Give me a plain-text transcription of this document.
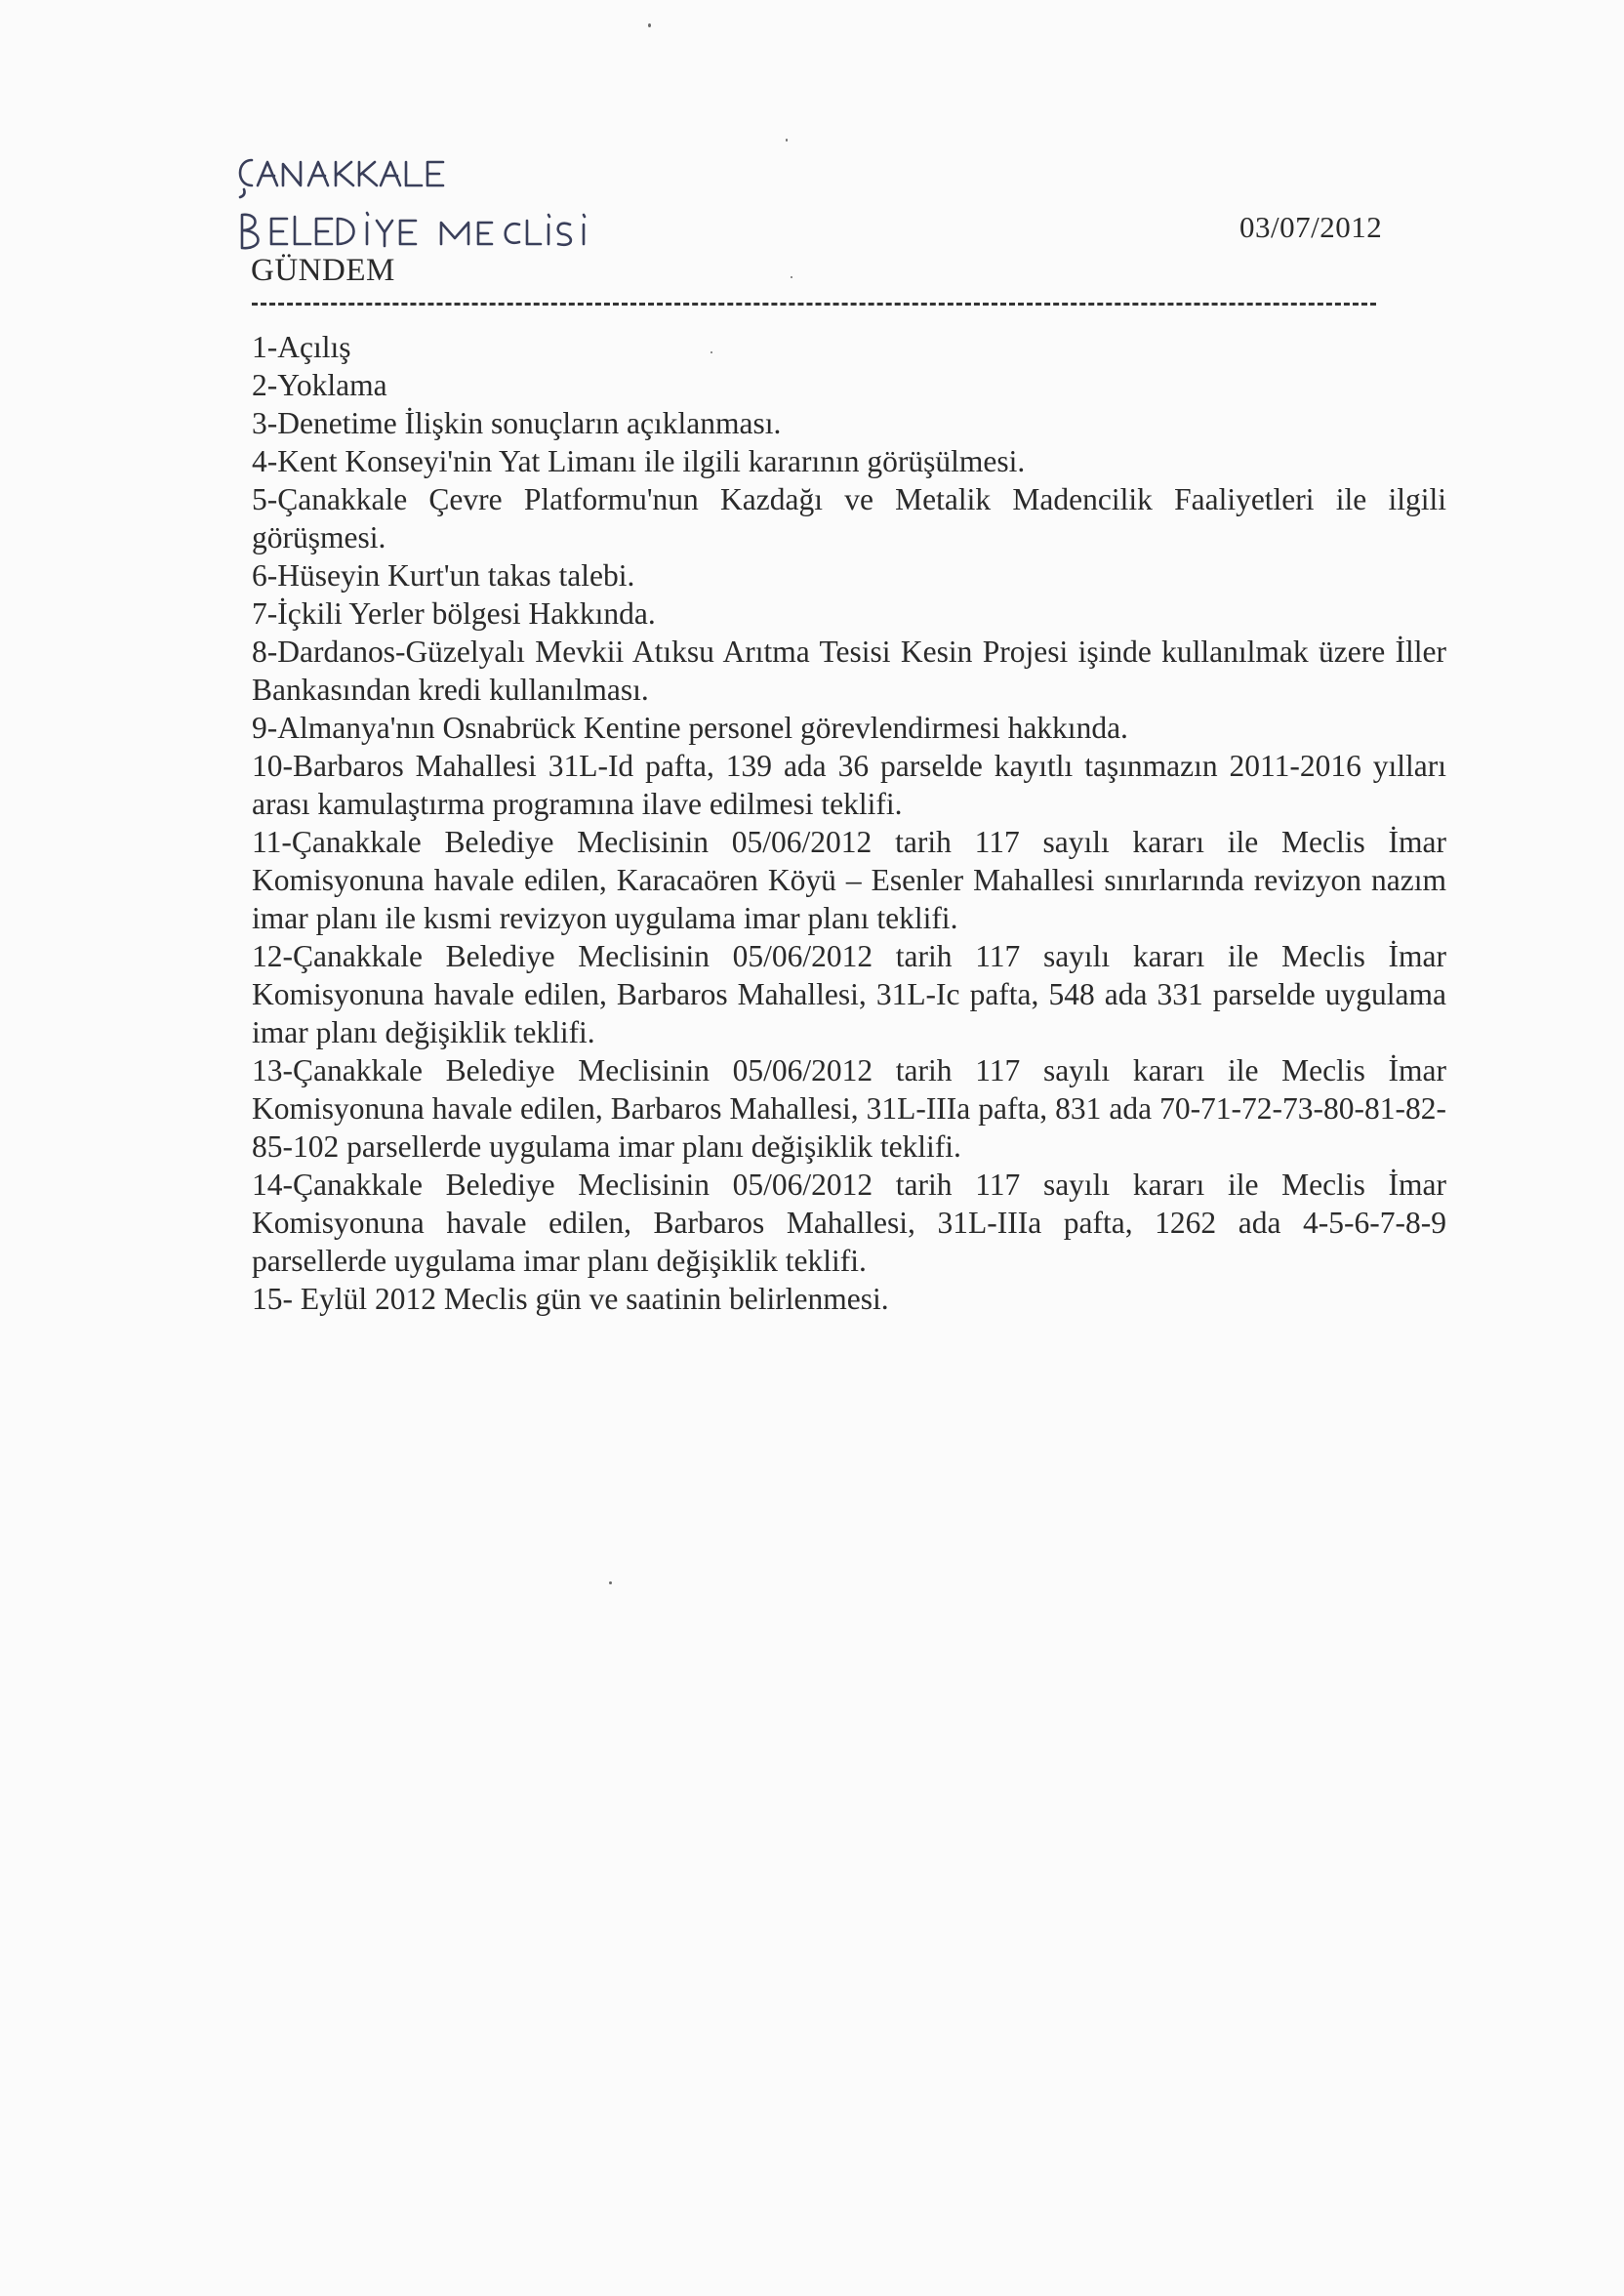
03/07/2012
GÜNDEM
1-Açılış
2-Yoklama
3-Denetime İlişkin sonuçların açıklanması.
4-Kent Konseyi'nin Yat Limanı ile ilgili kararının görüşülmesi.
5-Çanakkale Çevre Platformu'nun Kazdağı ve Metalik Madencilik Faaliyetleri ile ilgili görüşmesi.
6-Hüseyin Kurt'un takas talebi.
7-İçkili Yerler bölgesi Hakkında.
8-Dardanos-Güzelyalı Mevkii Atıksu Arıtma Tesisi Kesin Projesi işinde kullanılmak üzere İller Bankasından kredi kullanılması.
9-Almanya'nın Osnabrück Kentine personel görevlendirmesi hakkında.
10-Barbaros Mahallesi 31L-Id pafta, 139 ada 36 parselde kayıtlı taşınmazın 2011-2016 yılları arası kamulaştırma programına ilave edilmesi teklifi.
11-Çanakkale Belediye Meclisinin 05/06/2012 tarih 117 sayılı kararı ile Meclis İmar Komisyonuna havale edilen, Karacaören Köyü – Esenler Mahallesi sınırlarında revizyon nazım imar planı ile kısmi revizyon uygulama imar planı teklifi.
12-Çanakkale Belediye Meclisinin 05/06/2012 tarih 117 sayılı kararı ile Meclis İmar Komisyonuna havale edilen, Barbaros Mahallesi, 31L-Ic pafta, 548 ada 331 parselde uygulama imar planı değişiklik teklifi.
13-Çanakkale Belediye Meclisinin 05/06/2012 tarih 117 sayılı kararı ile Meclis İmar Komisyonuna havale edilen, Barbaros Mahallesi, 31L-IIIa pafta, 831 ada 70-71-72-73-80-81-82-85-102 parsellerde uygulama imar planı değişiklik teklifi.
14-Çanakkale Belediye Meclisinin 05/06/2012 tarih 117 sayılı kararı ile Meclis İmar Komisyonuna havale edilen, Barbaros Mahallesi, 31L-IIIa pafta, 1262 ada 4-5-6-7-8-9 parsellerde uygulama imar planı değişiklik teklifi.
15- Eylül 2012 Meclis gün ve saatinin belirlenmesi.
